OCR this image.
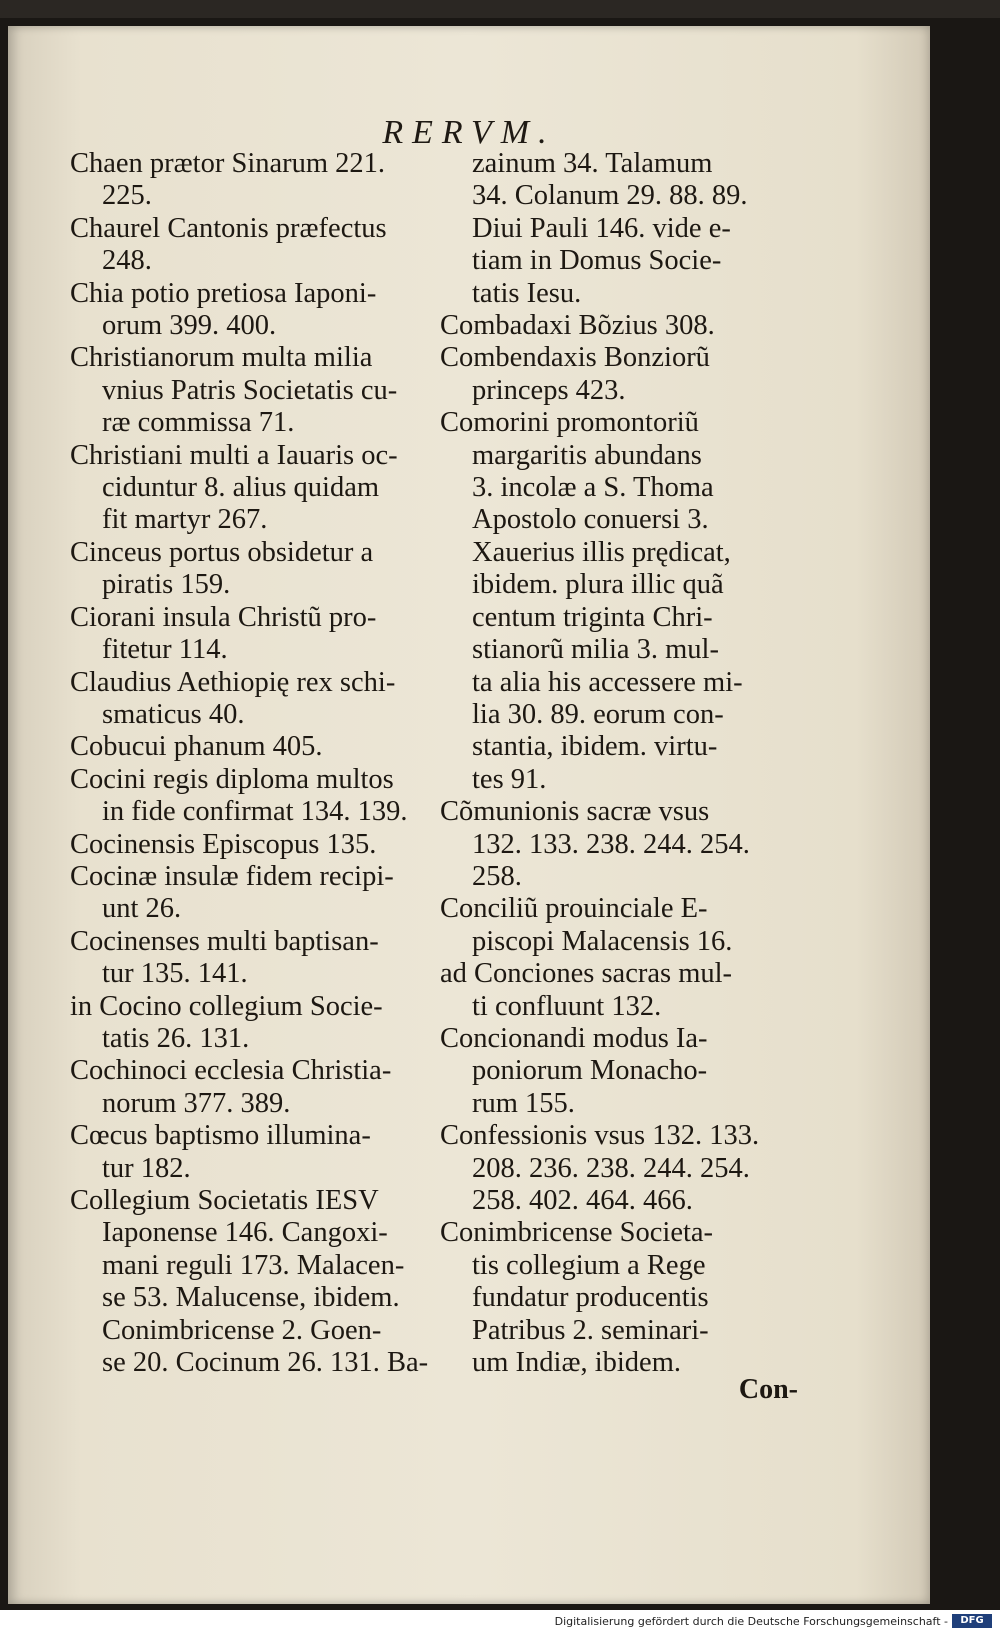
RERVM.

Chaen prætor Sinarum 221.

225.

Chaurel Cantonis præfectus

248.

Chia potio pretiosa Iaponi-

orum 399. 400.

Christianorum multa milia

vnius Patris Societatis cu-

ræ commissa 71.

Christiani multi a Iauaris oc-

ciduntur 8. alius quidam

fit martyr 267.

Cinceus portus obsidetur a

piratis 159.

Ciorani insula Christũ pro-

fitetur 114.

Claudius Aethiopię rex schi-

smaticus 40.

Cobucui phanum 405.

Cocini regis diploma multos

in fide confirmat 134. 139.

Cocinensis Episcopus 135.

Cocinæ insulæ fidem recipi-

unt 26.

Cocinenses multi baptisan-

tur 135. 141.

in Cocino collegium Socie-

tatis 26. 131.

Cochinoci ecclesia Christia-

norum 377. 389.

Cœcus baptismo illumina-

tur 182.

Collegium Societatis IESV

Iaponense 146. Cangoxi-

mani reguli 173. Malacen-

se 53. Malucense, ibidem.

Conimbricense 2. Goen-

se 20. Cocinum 26. 131. Ba-

zainum 34. Talamum

34. Colanum 29. 88. 89.

Diui Pauli 146. vide e-

tiam in Domus Socie-

tatis Iesu.

Combadaxi Bõzius 308.

Combendaxis Bonziorũ

princeps 423.

Comorini promontoriũ

margaritis abundans

3. incolæ a S. Thoma

Apostolo conuersi 3.

Xauerius illis prędicat,

ibidem. plura illic quã

centum triginta Chri-

stianorũ milia 3. mul-

ta alia his accessere mi-

lia 30. 89. eorum con-

stantia, ibidem. virtu-

tes 91.

Cõmunionis sacræ vsus

132. 133. 238. 244. 254.

258.

Conciliũ prouinciale E-

piscopi Malacensis 16.

ad Conciones sacras mul-

ti confluunt 132.

Concionandi modus Ia-

poniorum Monacho-

rum 155.

Confessionis vsus 132. 133.

208. 236. 238. 244. 254.

258. 402. 464. 466.

Conimbricense Societa-

tis collegium a Rege

fundatur producentis

Patribus 2. seminari-

um Indiæ, ibidem.

Con-
Digitalisierung gefördert durch die Deutsche Forschungsgemeinschaft -	DFG
